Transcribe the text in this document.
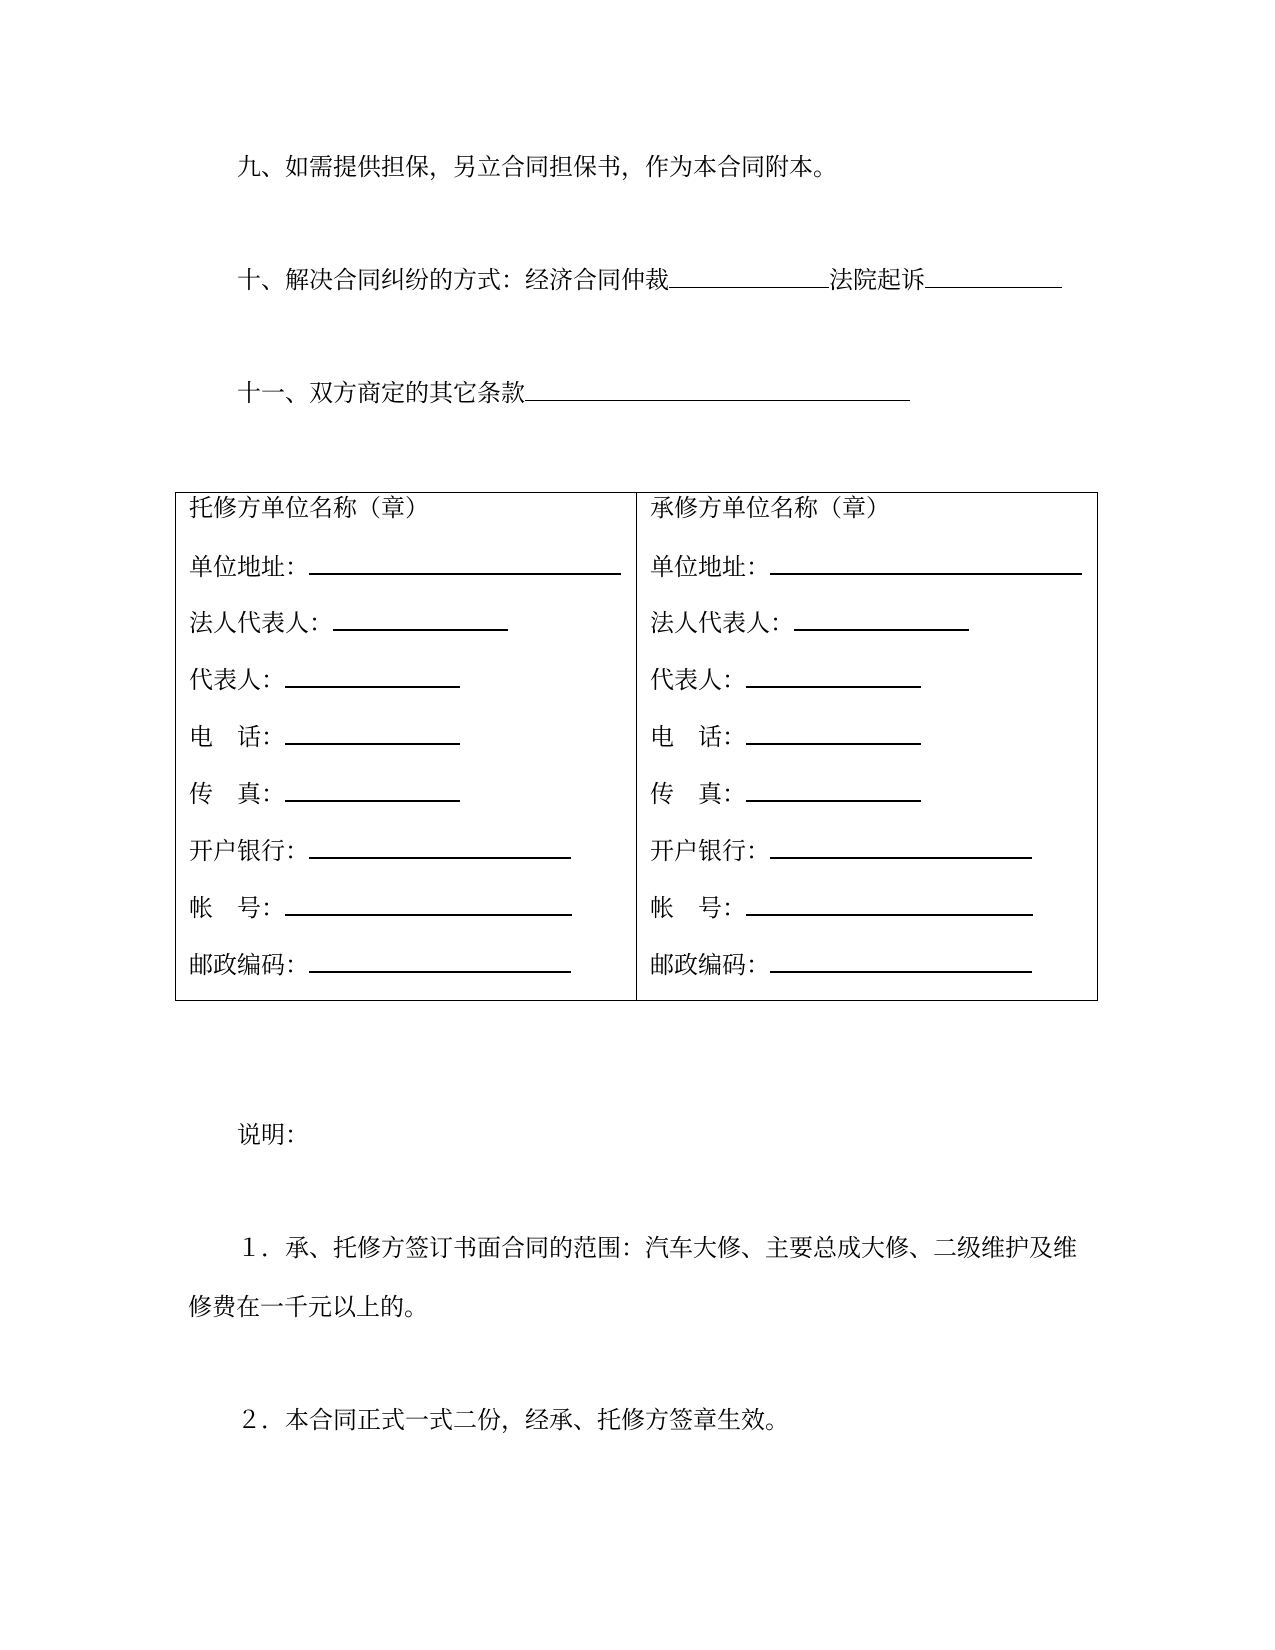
九、如需提供担保，另立合同担保书，作为本合同附本。
十、解决合同纠纷的方式：经济合同仲裁	法院起诉
十一、双方商定的其它条款
托修方单位名称（章）
单位地址：
法人代表人：
代表人：
电　话：
传　真：
开户银行：
帐　号：
邮政编码：
承修方单位名称（章）
单位地址：
法人代表人：
代表人：
电　话：
传　真：
开户银行：
帐　号：
邮政编码：
说明：
１．承、托修方签订书面合同的范围：汽车大修、主要总成大修、二级维护及维
修费在一千元以上的。
２．本合同正式一式二份，经承、托修方签章生效。
